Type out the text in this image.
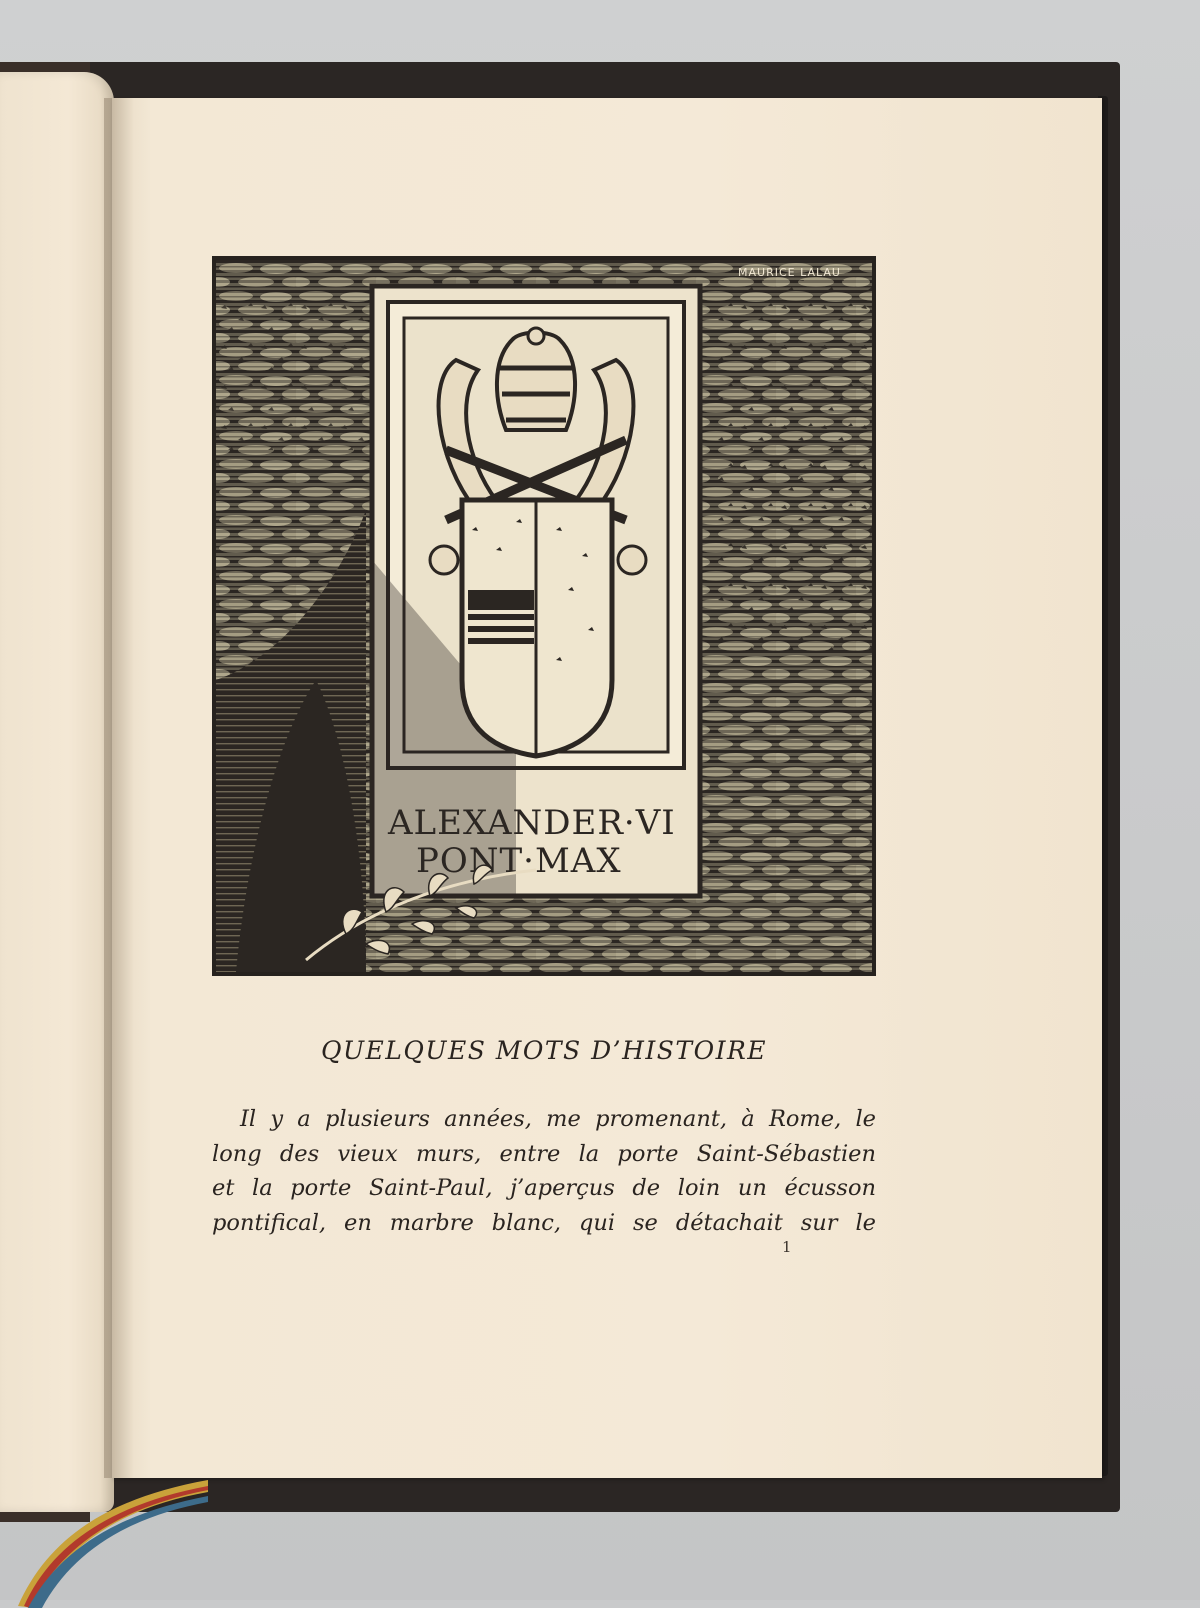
ALEXANDER·VI
PONT·MAX
MAURICE LALAU
QUELQUES MOTS D’HISTOIRE

Il y a plusieurs années, me promenant, à Rome, le
long des vieux murs, entre la porte Saint-Sébastien
et la porte Saint-Paul, j’aperçus de loin un écusson
pontifical, en marbre blanc, qui se détachait sur le

1
